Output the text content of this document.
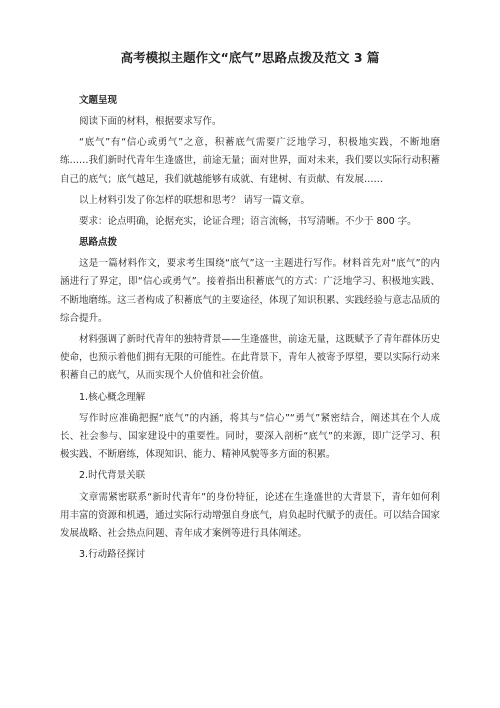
高考模拟主题作文“底气”思路点拨及范文 3 篇
文题呈现
阅读下面的材料，根据要求写作。
“底气”有“信心或勇气”之意，积蓄底气需要广泛地学习，积极地实践，不断地磨练……我们新时代青年生逢盛世，前途无量；面对世界，面对未来，我们要以实际行动积蓄自己的底气；底气越足，我们就越能够有成就、有建树、有贡献、有发展……
以上材料引发了你怎样的联想和思考？ 请写一篇文章。
要求：论点明确，论据充实，论证合理；语言流畅，书写清晰。不少于 800 字。
思路点拨
这是一篇材料作文，要求考生围绕“底气”这一主题进行写作。材料首先对“底气”的内涵进行了界定，即“信心或勇气”。接着指出积蓄底气的方式：广泛地学习、积极地实践、不断地磨练。这三者构成了积蓄底气的主要途径，体现了知识积累、实践经验与意志品质的综合提升。
材料强调了新时代青年的独特背景——生逢盛世，前途无量，这既赋予了青年群体历史使命，也预示着他们拥有无限的可能性。在此背景下，青年人被寄予厚望，要以实际行动来积蓄自己的底气，从而实现个人价值和社会价值。
1.核心概念理解
写作时应准确把握“底气”的内涵，将其与“信心”“勇气”紧密结合，阐述其在个人成长、社会参与、国家建设中的重要性。同时，要深入剖析“底气”的来源，即广泛学习、积极实践、不断磨练，体现知识、能力、精神风貌等多方面的积累。
2.时代背景关联
文章需紧密联系“新时代青年”的身份特征，论述在生逢盛世的大背景下，青年如何利用丰富的资源和机遇，通过实际行动增强自身底气，肩负起时代赋予的责任。可以结合国家发展战略、社会热点问题、青年成才案例等进行具体阐述。
3.行动路径探讨
